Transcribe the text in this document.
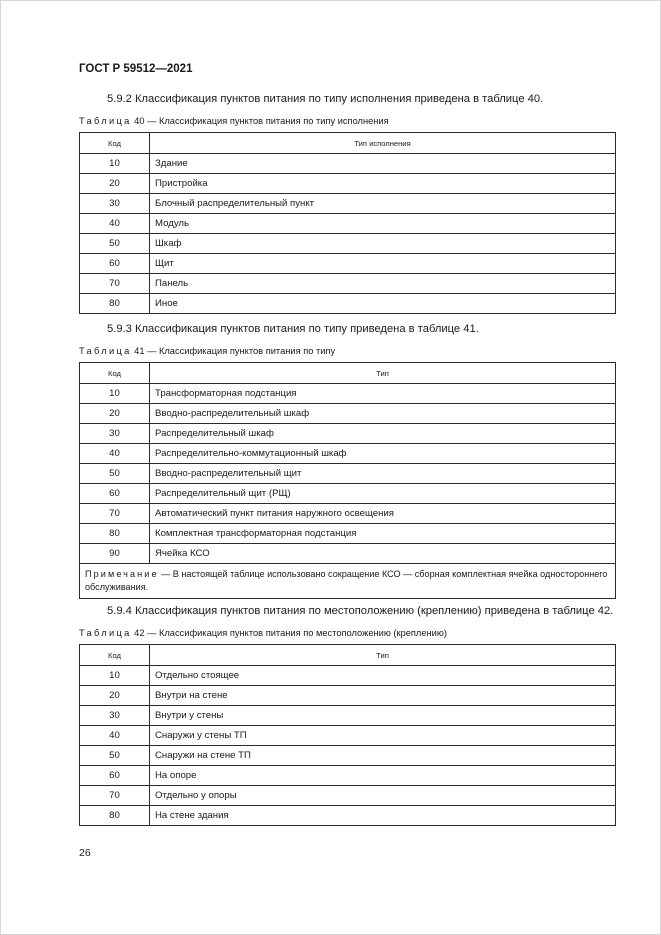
ГОСТ Р 59512—2021
5.9.2 Классификация пунктов питания по типу исполнения приведена в таблице 40.
Таблица 40 — Классификация пунктов питания по типу исполнения
Код	Тип исполнения
10	Здание
20	Пристройка
30	Блочный распределительный пункт
40	Модуль
50	Шкаф
60	Щит
70	Панель
80	Иное
5.9.3 Классификация пунктов питания по типу приведена в таблице 41.
Таблица 41 — Классификация пунктов питания по типу
Код	Тип
10	Трансформаторная подстанция
20	Вводно-распределительный шкаф
30	Распределительный шкаф
40	Распределительно-коммутационный шкаф
50	Вводно-распределительный щит
60	Распределительный щит (РЩ)
70	Автоматический пункт питания наружного освещения
80	Комплектная трансформаторная подстанция
90	Ячейка КСО
Примечание — В настоящей таблице использовано сокращение КСО — сборная комплектная ячейка одностороннего обслуживания.	
5.9.4 Классификация пунктов питания по местоположению (креплению) приведена в таблице 42.
Таблица 42 — Классификация пунктов питания по местоположению (креплению)
Код	Тип
10	Отдельно стоящее
20	Внутри на стене
30	Внутри у стены
40	Снаружи у стены ТП
50	Снаружи на стене ТП
60	На опоре
70	Отдельно у опоры
80	На стене здания
26
